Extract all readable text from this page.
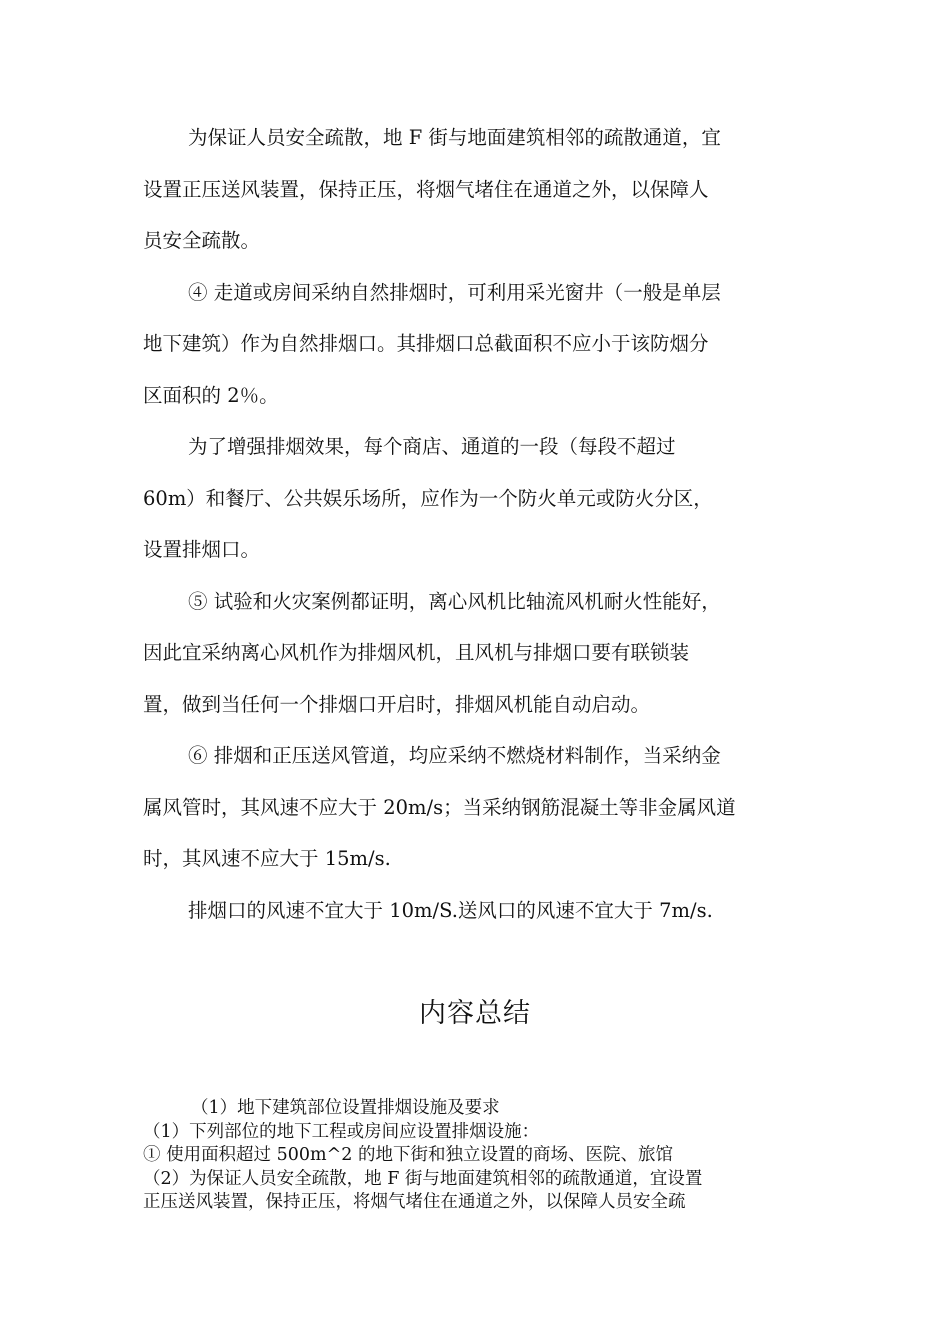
为保证人员安全疏散，地 F 街与地面建筑相邻的疏散通道，宜
设置正压送风装置，保持正压，将烟气堵住在通道之外，以保障人
员安全疏散。

④ 走道或房间采纳自然排烟时，可利用采光窗井（一般是单层
地下建筑）作为自然排烟口。其排烟口总截面积不应小于该防烟分
区面积的 2％。

为了增强排烟效果，每个商店、通道的一段（每段不超过
60m）和餐厅、公共娱乐场所，应作为一个防火单元或防火分区，
设置排烟口。

⑤ 试验和火灾案例都证明，离心风机比轴流风机耐火性能好，
因此宜采纳离心风机作为排烟风机，且风机与排烟口要有联锁装
置，做到当任何一个排烟口开启时，排烟风机能自动启动。

⑥ 排烟和正压送风管道，均应采纳不燃烧材料制作，当采纳金
属风管时，其风速不应大于 20m/s；当采纳钢筋混凝土等非金属风道
时，其风速不应大于 15m/s.

排烟口的风速不宜大于 10m/S.送风口的风速不宜大于 7m/s.

内容总结

（1）地下建筑部位设置排烟设施及要求

（1）下列部位的地下工程或房间应设置排烟设施：

① 使用面积超过 500m^2 的地下街和独立设置的商场、医院、旅馆

（2）为保证人员安全疏散，地 F 街与地面建筑相邻的疏散通道，宜设置

正压送风装置，保持正压，将烟气堵住在通道之外，以保障人员安全疏
